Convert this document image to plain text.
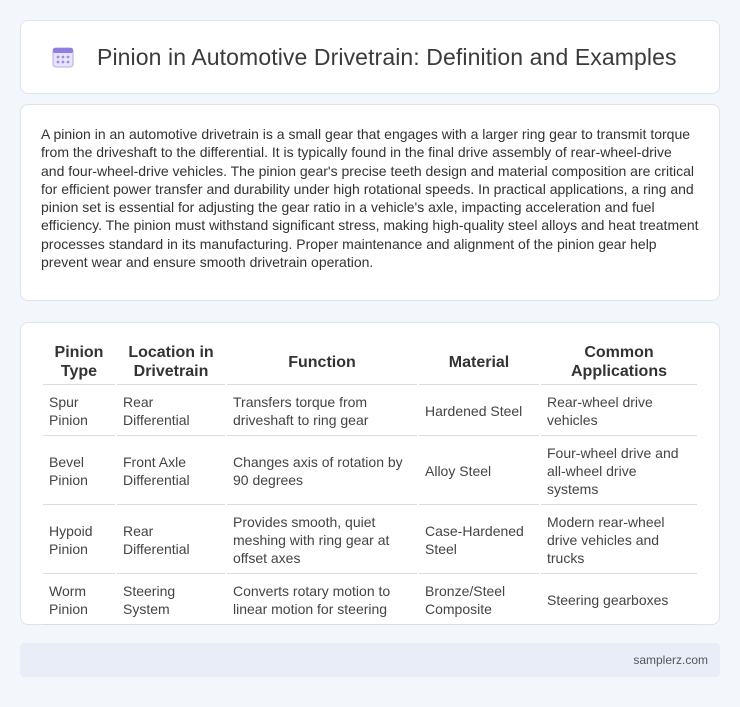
Pinion in Automotive Drivetrain: Definition and Examples

A pinion in an automotive drivetrain is a small gear that engages with a larger ring gear to transmit torque from the driveshaft to the differential. It is typically found in the final drive assembly of rear-wheel-drive and four-wheel-drive vehicles. The pinion gear's precise teeth design and material composition are critical for efficient power transfer and durability under high rotational speeds. In practical applications, a ring and pinion set is essential for adjusting the gear ratio in a vehicle's axle, impacting acceleration and fuel efficiency. The pinion must withstand significant stress, making high-quality steel alloys and heat treatment processes standard in its manufacturing. Proper maintenance and alignment of the pinion gear help prevent wear and ensure smooth drivetrain operation.

Pinion Type	Location in Drivetrain	Function	Material	Common Applications
Spur Pinion	Rear Differential	Transfers torque from driveshaft to ring gear	Hardened Steel	Rear-wheel drive vehicles
Bevel Pinion	Front Axle Differential	Changes axis of rotation by 90 degrees	Alloy Steel	Four-wheel drive and all-wheel drive systems
Hypoid Pinion	Rear Differential	Provides smooth, quiet meshing with ring gear at offset axes	Case-Hardened Steel	Modern rear-wheel drive vehicles and trucks
Worm Pinion	Steering System	Converts rotary motion to linear motion for steering	Bronze/Steel Composite	Steering gearboxes
samplerz.com
